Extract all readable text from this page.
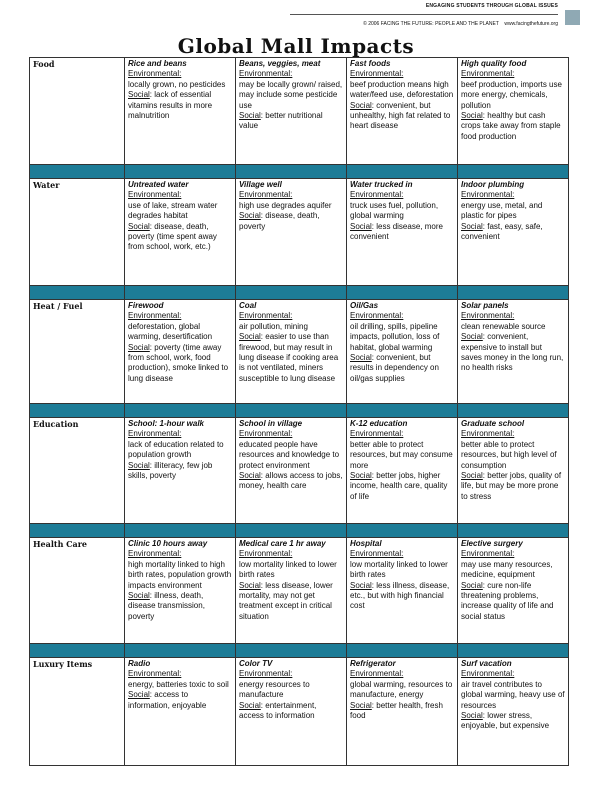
ENGAGING STUDENTS THROUGH GLOBAL ISSUES
© 2006 FACING THE FUTURE: PEOPLE AND THE PLANET www.facingthefuture.org
Global Mall Impacts
Food	Rice and beans
Environmental:
locally grown, no pesticides
Social: lack of essential vitamins results in more malnutrition	Beans, veggies, meat
Environmental:
may be locally grown/ raised, may include some pesticide use
Social: better nutritional value	Fast foods
Environmental:
beef production means high water/feed use, deforestation
Social: convenient, but unhealthy, high fat related to heart disease	High quality food
Environmental:
beef production, imports use more energy, chemicals, pollution
Social: healthy but cash crops take away from staple food production

Water	Untreated water
Environmental:
use of lake, stream water degrades habitat
Social: disease, death, poverty (time spent away from school, work, etc.)	Village well
Environmental:
high use degrades aquifer
Social: disease, death, poverty	Water trucked in
Environmental:
truck uses fuel, pollution, global warming
Social: less disease, more convenient	Indoor plumbing
Environmental:
energy use, metal, and plastic for pipes
Social: fast, easy, safe, convenient

Heat / Fuel	Firewood
Environmental:
deforestation, global warming, desertification
Social: poverty (time away from school, work, food production), smoke linked to lung disease	Coal
Environmental:
air pollution, mining
Social: easier to use than firewood, but may result in lung disease if cooking area is not ventilated, miners susceptible to lung disease	Oil/Gas
Environmental:
oil drilling, spills, pipeline impacts, pollution, loss of habitat, global warming
Social: convenient, but results in dependency on oil/gas supplies	Solar panels
Environmental:
clean renewable source
Social: convenient, expensive to install but saves money in the long run, no health risks

Education	School: 1-hour walk
Environmental:
lack of education related to population growth
Social: illiteracy, few job skills, poverty	School in village
Environmental:
educated people have resources and knowledge to protect environment
Social: allows access to jobs, money, health care	K-12 education
Environmental:
better able to protect resources, but may consume more
Social: better jobs, higher income, health care, quality of life	Graduate school
Environmental:
better able to protect resources, but high level of consumption
Social: better jobs, quality of life, but may be more prone to stress

Health Care	Clinic 10 hours away
Environmental:
high mortality linked to high birth rates, population growth impacts environment
Social: illness, death, disease transmission, poverty	Medical care 1 hr away
Environmental:
low mortality linked to lower birth rates
Social: less disease, lower mortality, may not get treatment except in critical situation	Hospital
Environmental:
low mortality linked to lower birth rates
Social: less illness, disease, etc., but with high financial cost	Elective surgery
Environmental:
may use many resources, medicine, equipment
Social: cure non-life threatening problems, increase quality of life and social status

Luxury Items	Radio
Environmental:
energy, batteries toxic to soil
Social: access to information, enjoyable	Color TV
Environmental:
energy resources to manufacture
Social: entertainment, access to information	Refrigerator
Environmental:
global warming, resources to manufacture, energy
Social: better health, fresh food	Surf vacation
Environmental:
air travel contributes to global warming, heavy use of resources
Social: lower stress, enjoyable, but expensive
